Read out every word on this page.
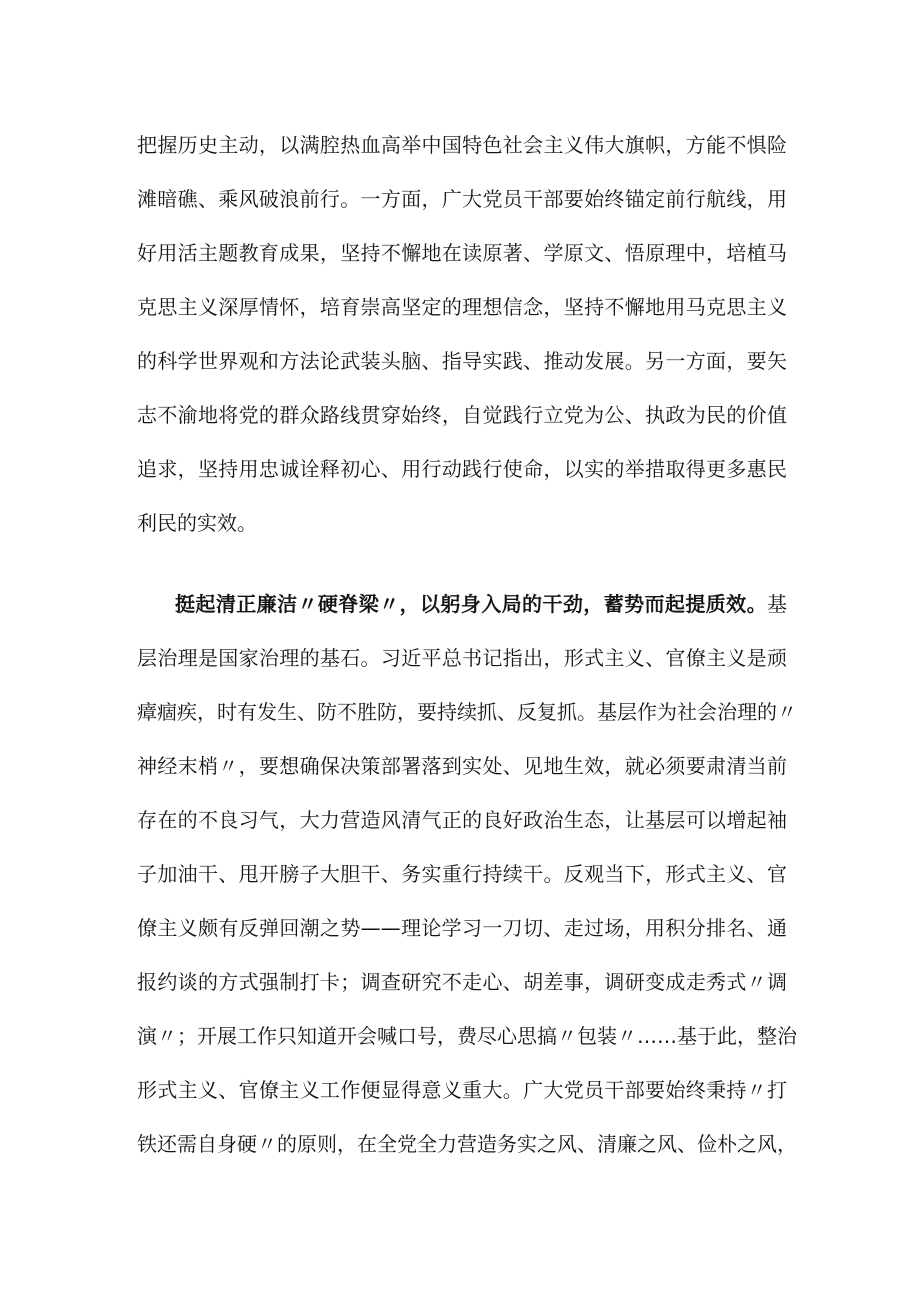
把握历史主动，以满腔热血高举中国特色社会主义伟大旗帜，方能不惧险
滩暗礁、乘风破浪前行。一方面，广大党员干部要始终锚定前行航线，用
好用活主题教育成果，坚持不懈地在读原著、学原文、悟原理中，培植马
克思主义深厚情怀，培育崇高坚定的理想信念，坚持不懈地用马克思主义
的科学世界观和方法论武装头脑、指导实践、推动发展。另一方面，要矢
志不渝地将党的群众路线贯穿始终，自觉践行立党为公、执政为民的价值
追求，坚持用忠诚诠释初心、用行动践行使命，以实的举措取得更多惠民
利民的实效。
挺起清正廉洁〃硬脊梁〃，以躬身入局的干劲，蓄势而起提质效。基
层治理是国家治理的基石。习近平总书记指出，形式主义、官僚主义是顽
瘴痼疾，时有发生、防不胜防，要持续抓、反复抓。基层作为社会治理的〃
神经末梢〃，要想确保决策部署落到实处、见地生效，就必须要肃清当前
存在的不良习气，大力营造风清气正的良好政治生态，让基层可以增起袖
子加油干、甩开膀子大胆干、务实重行持续干。反观当下，形式主义、官
僚主义颇有反弹回潮之势——理论学习一刀切、走过场，用积分排名、通
报约谈的方式强制打卡；调查研究不走心、胡差事，调研变成走秀式〃调
演〃；开展工作只知道开会喊口号，费尽心思搞〃包装〃……基于此，整治
形式主义、官僚主义工作便显得意义重大。广大党员干部要始终秉持〃打
铁还需自身硬〃的原则，在全党全力营造务实之风、清廉之风、俭朴之风，
